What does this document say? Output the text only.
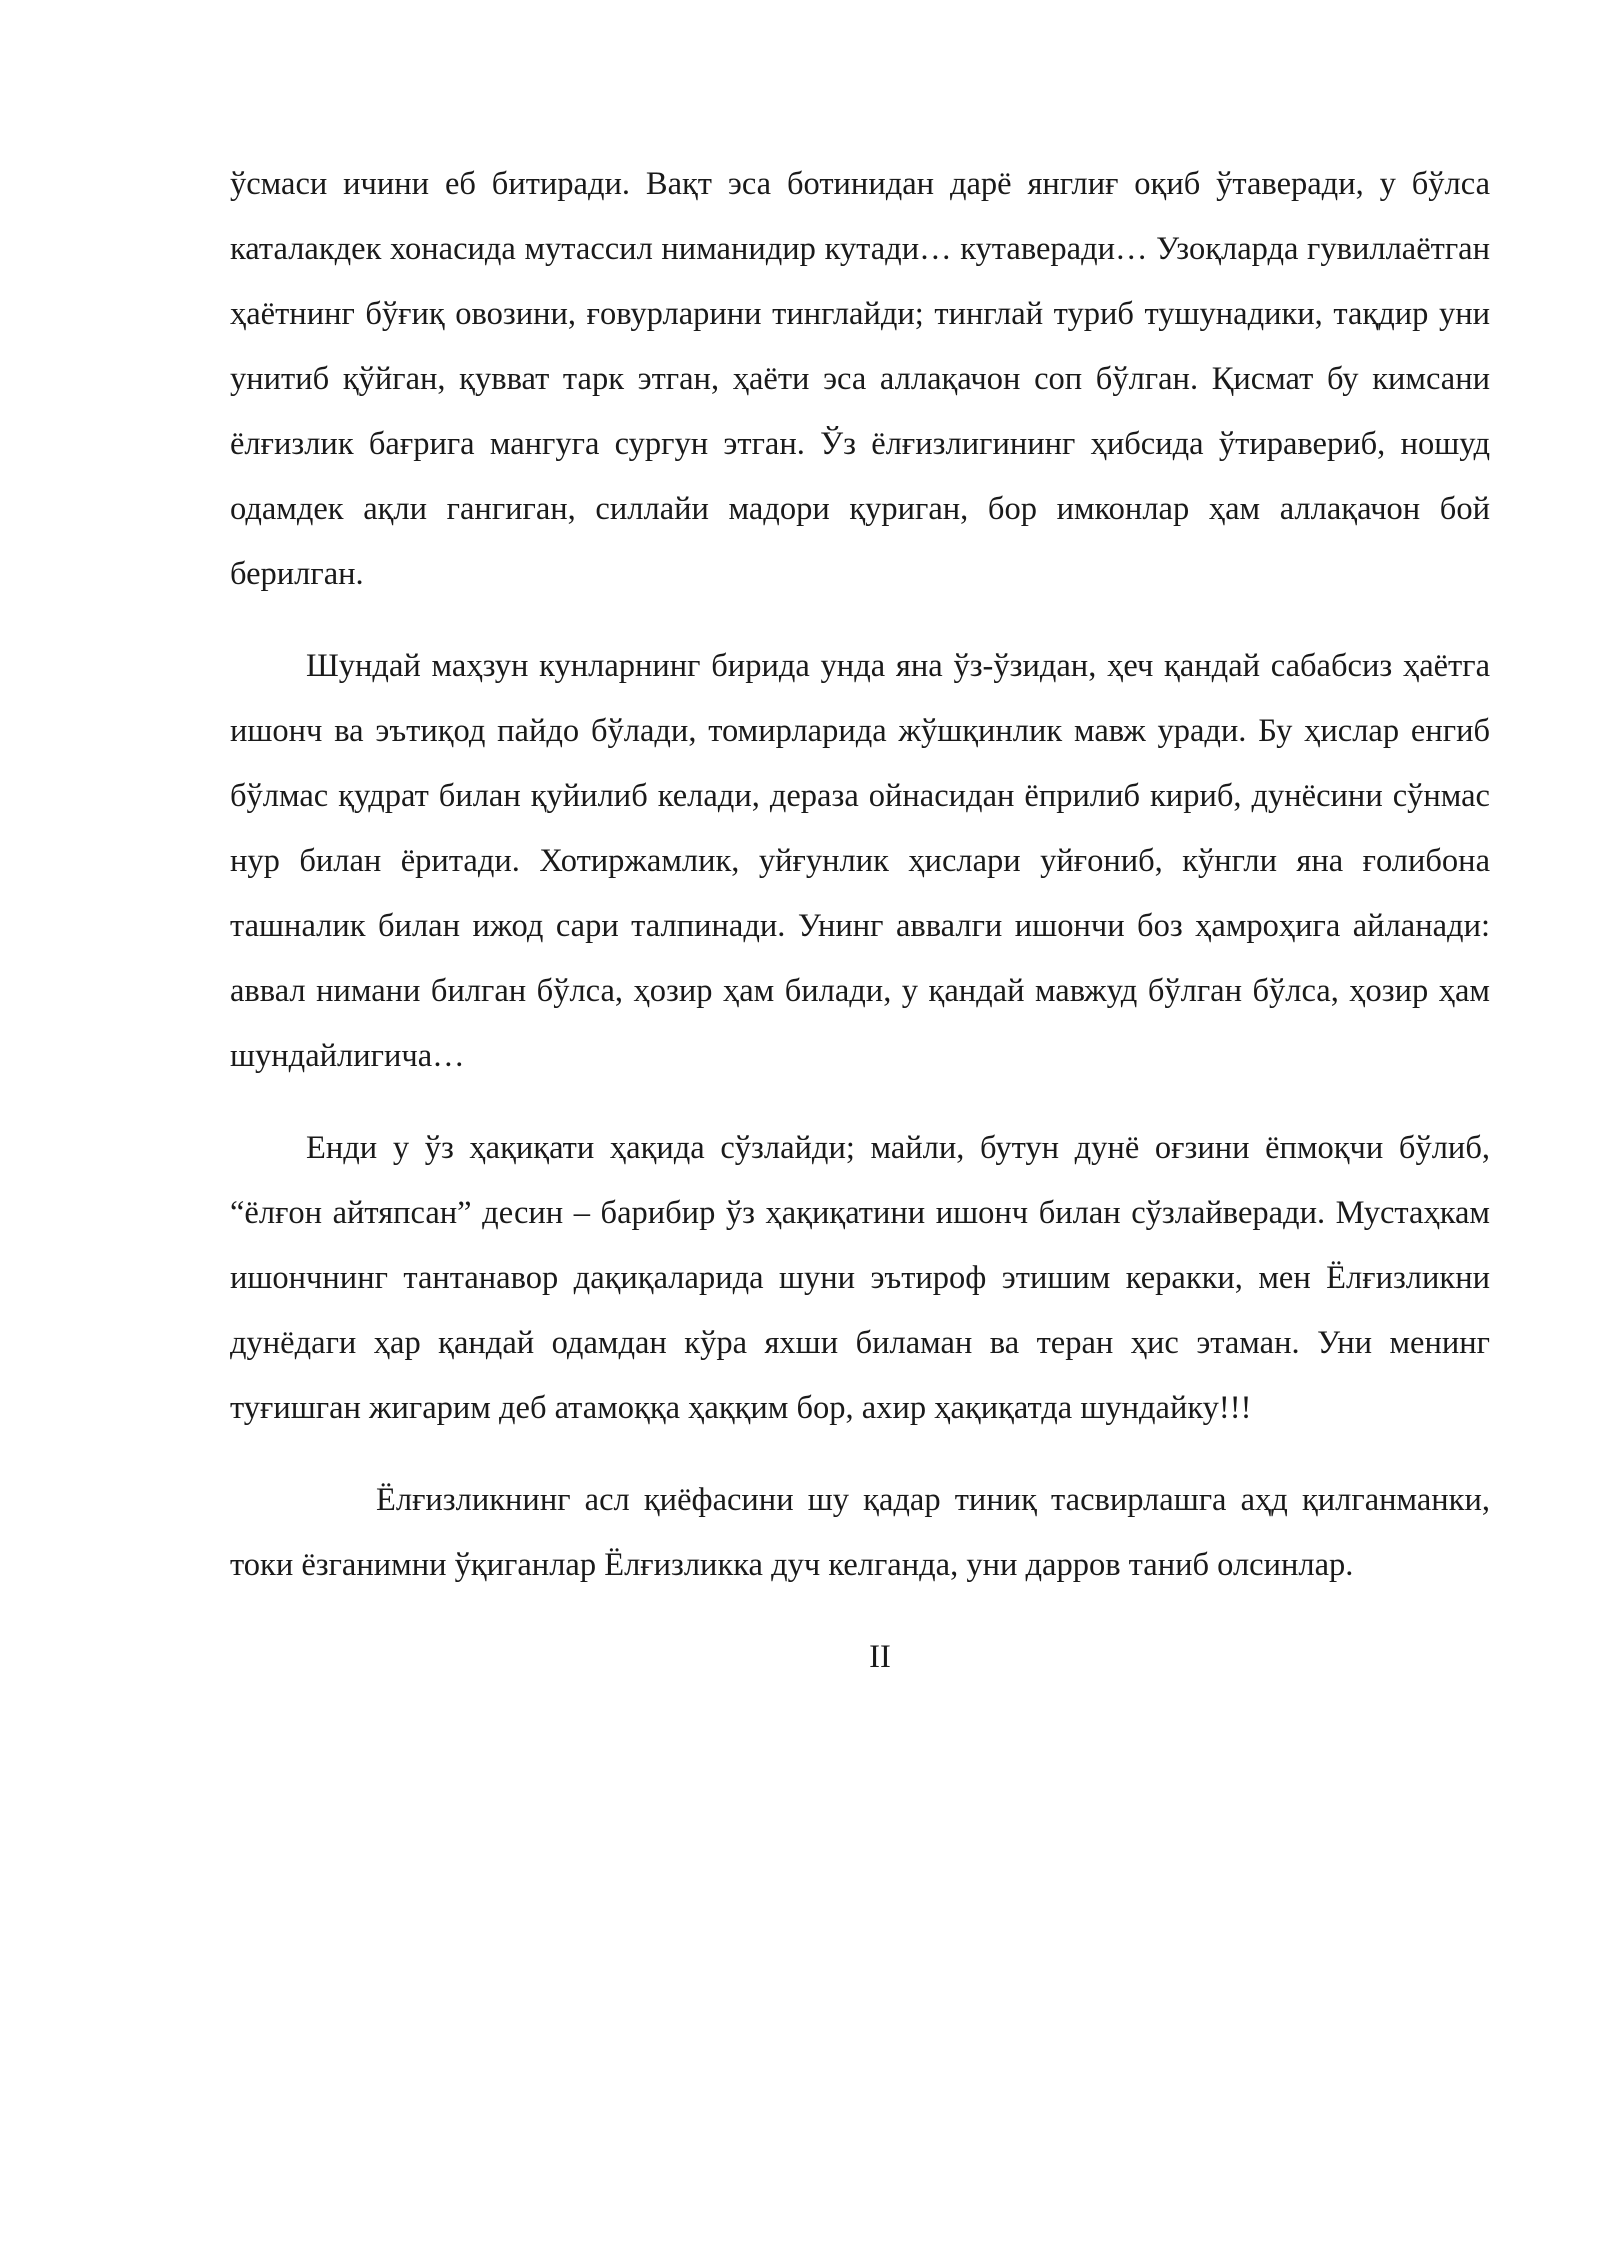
ўсмаси ичини еб битиради. Вақт эса ботинидан дарё янглиғ оқиб ўтаверади, у бўлса каталакдек хонасида мутассил ниманидир кутади… кутаверади… Узоқларда гувиллаётган ҳаётнинг бўғиқ овозини, ғовурларини тинглайди; тинглай туриб тушунадики, тақдир уни унитиб қўйган, қувват тарк этган, ҳаёти эса аллақачон соп бўлган. Қисмат бу кимсани ёлғизлик бағрига мангуга сургун этган. Ўз ёлғизлигининг ҳибсида ўтиравериб, ношуд одамдек ақли гангиган, силлайи мадори қуриган, бор имконлар ҳам аллақачон бой берилган.

Шундай маҳзун кунларнинг бирида унда яна ўз-ўзидан, ҳеч қандай сабабсиз ҳаётга ишонч ва эътиқод пайдо бўлади, томирларида жўшқинлик мавж уради. Бу ҳислар енгиб бўлмас қудрат билан қуйилиб келади, дераза ойнасидан ёприлиб кириб, дунёсини сўнмас нур билан ёритади. Хотиржамлик, уйғунлик ҳислари уйғониб, кўнгли яна ғолибона ташналик билан ижод сари талпинади. Унинг аввалги ишончи боз ҳамроҳига айланади: аввал нимани билган бўлса, ҳозир ҳам билади, у қандай мавжуд бўлган бўлса, ҳозир ҳам шундайлигича…

Енди у ўз ҳақиқати ҳақида сўзлайди; майли, бутун дунё оғзини ёпмоқчи бўлиб, “ёлғон айтяпсан” десин – барибир ўз ҳақиқатини ишонч билан сўзлайверади. Мустаҳкам ишончнинг тантанавор дақиқаларида шуни эътироф этишим керакки, мен Ёлғизликни дунёдаги ҳар қандай одамдан кўра яхши биламан ва теран ҳис этаман. Уни менинг туғишган жигарим деб атамоққа ҳаққим бор, ахир ҳақиқатда шундайку!!!

Ёлғизликнинг асл қиёфасини шу қадар тиниқ тасвирлашга аҳд қилганманки, токи ёзганимни ўқиганлар Ёлғизликка дуч келганда, уни дарров таниб олсинлар.

II
